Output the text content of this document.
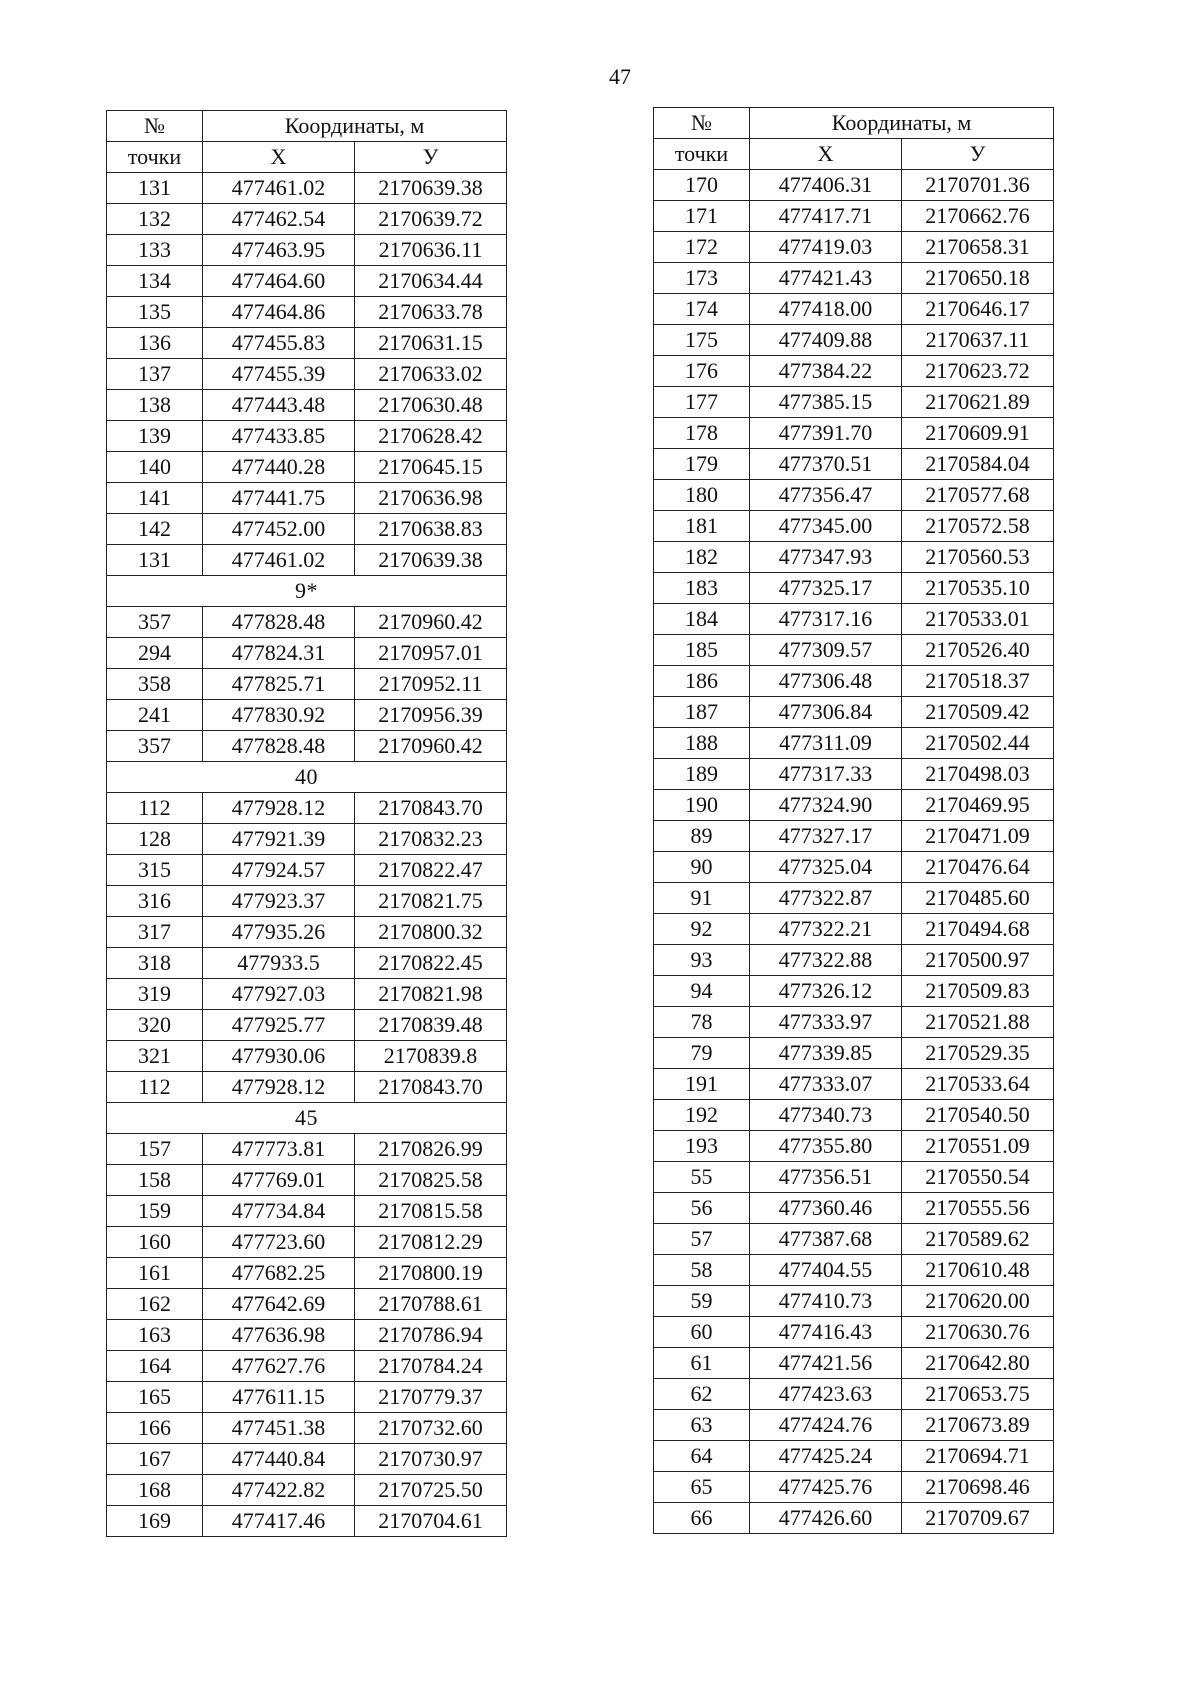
47
№	Координаты, м	
точки	X	У
131	477461.02	2170639.38
132	477462.54	2170639.72
133	477463.95	2170636.11
134	477464.60	2170634.44
135	477464.86	2170633.78
136	477455.83	2170631.15
137	477455.39	2170633.02
138	477443.48	2170630.48
139	477433.85	2170628.42
140	477440.28	2170645.15
141	477441.75	2170636.98
142	477452.00	2170638.83
131	477461.02	2170639.38
9*		
357	477828.48	2170960.42
294	477824.31	2170957.01
358	477825.71	2170952.11
241	477830.92	2170956.39
357	477828.48	2170960.42
40		
112	477928.12	2170843.70
128	477921.39	2170832.23
315	477924.57	2170822.47
316	477923.37	2170821.75
317	477935.26	2170800.32
318	477933.5	2170822.45
319	477927.03	2170821.98
320	477925.77	2170839.48
321	477930.06	2170839.8
112	477928.12	2170843.70
45		
157	477773.81	2170826.99
158	477769.01	2170825.58
159	477734.84	2170815.58
160	477723.60	2170812.29
161	477682.25	2170800.19
162	477642.69	2170788.61
163	477636.98	2170786.94
164	477627.76	2170784.24
165	477611.15	2170779.37
166	477451.38	2170732.60
167	477440.84	2170730.97
168	477422.82	2170725.50
169	477417.46	2170704.61
№	Координаты, м	
точки	X	У
170	477406.31	2170701.36
171	477417.71	2170662.76
172	477419.03	2170658.31
173	477421.43	2170650.18
174	477418.00	2170646.17
175	477409.88	2170637.11
176	477384.22	2170623.72
177	477385.15	2170621.89
178	477391.70	2170609.91
179	477370.51	2170584.04
180	477356.47	2170577.68
181	477345.00	2170572.58
182	477347.93	2170560.53
183	477325.17	2170535.10
184	477317.16	2170533.01
185	477309.57	2170526.40
186	477306.48	2170518.37
187	477306.84	2170509.42
188	477311.09	2170502.44
189	477317.33	2170498.03
190	477324.90	2170469.95
89	477327.17	2170471.09
90	477325.04	2170476.64
91	477322.87	2170485.60
92	477322.21	2170494.68
93	477322.88	2170500.97
94	477326.12	2170509.83
78	477333.97	2170521.88
79	477339.85	2170529.35
191	477333.07	2170533.64
192	477340.73	2170540.50
193	477355.80	2170551.09
55	477356.51	2170550.54
56	477360.46	2170555.56
57	477387.68	2170589.62
58	477404.55	2170610.48
59	477410.73	2170620.00
60	477416.43	2170630.76
61	477421.56	2170642.80
62	477423.63	2170653.75
63	477424.76	2170673.89
64	477425.24	2170694.71
65	477425.76	2170698.46
66	477426.60	2170709.67
